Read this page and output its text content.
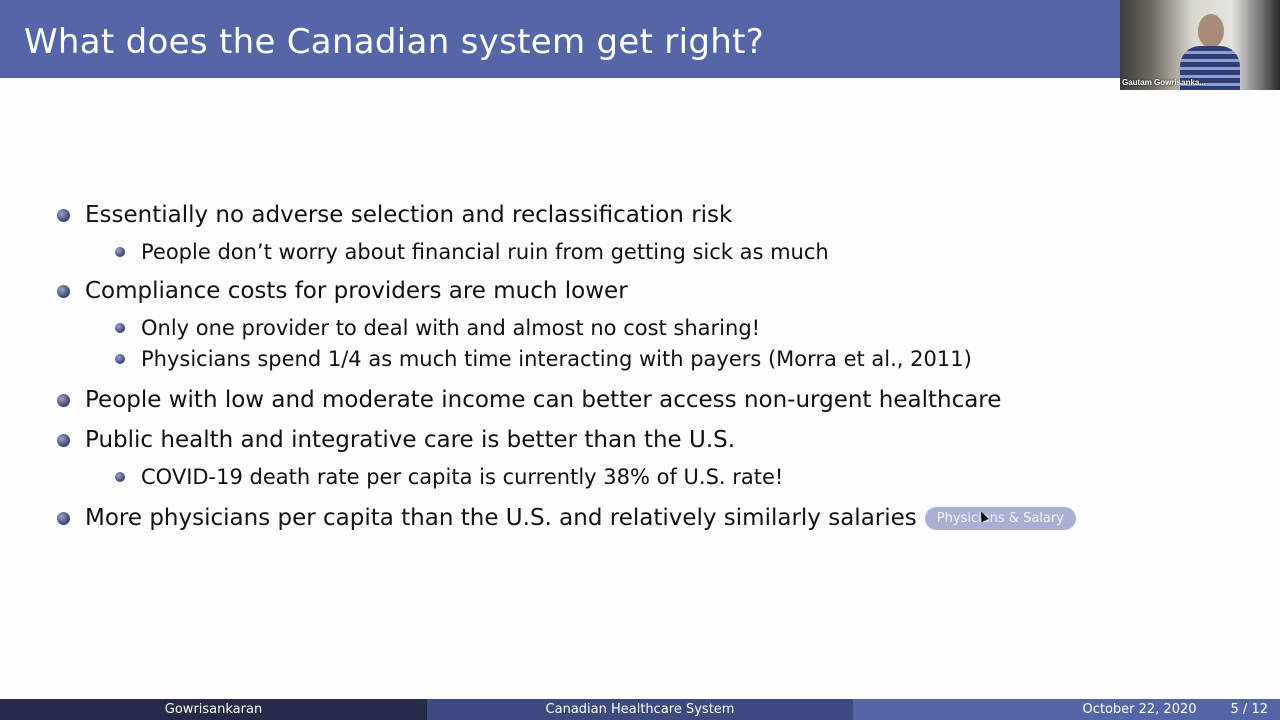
What does the Canadian system get right?
Gautam Gowrisanka...
Essentially no adverse selection and reclassification risk
People don’t worry about financial ruin from getting sick as much
Compliance costs for providers are much lower
Only one provider to deal with and almost no cost sharing!
Physicians spend 1/4 as much time interacting with payers (Morra et al., 2011)
People with low and moderate income can better access non-urgent healthcare
Public health and integrative care is better than the U.S.
COVID-19 death rate per capita is currently 38% of U.S. rate!
More physicians per capita than the U.S. and relatively similarly salaries	Physicians & Salary
Gowrisankaran	Canadian Healthcare System	October 22, 2020	5 / 12
